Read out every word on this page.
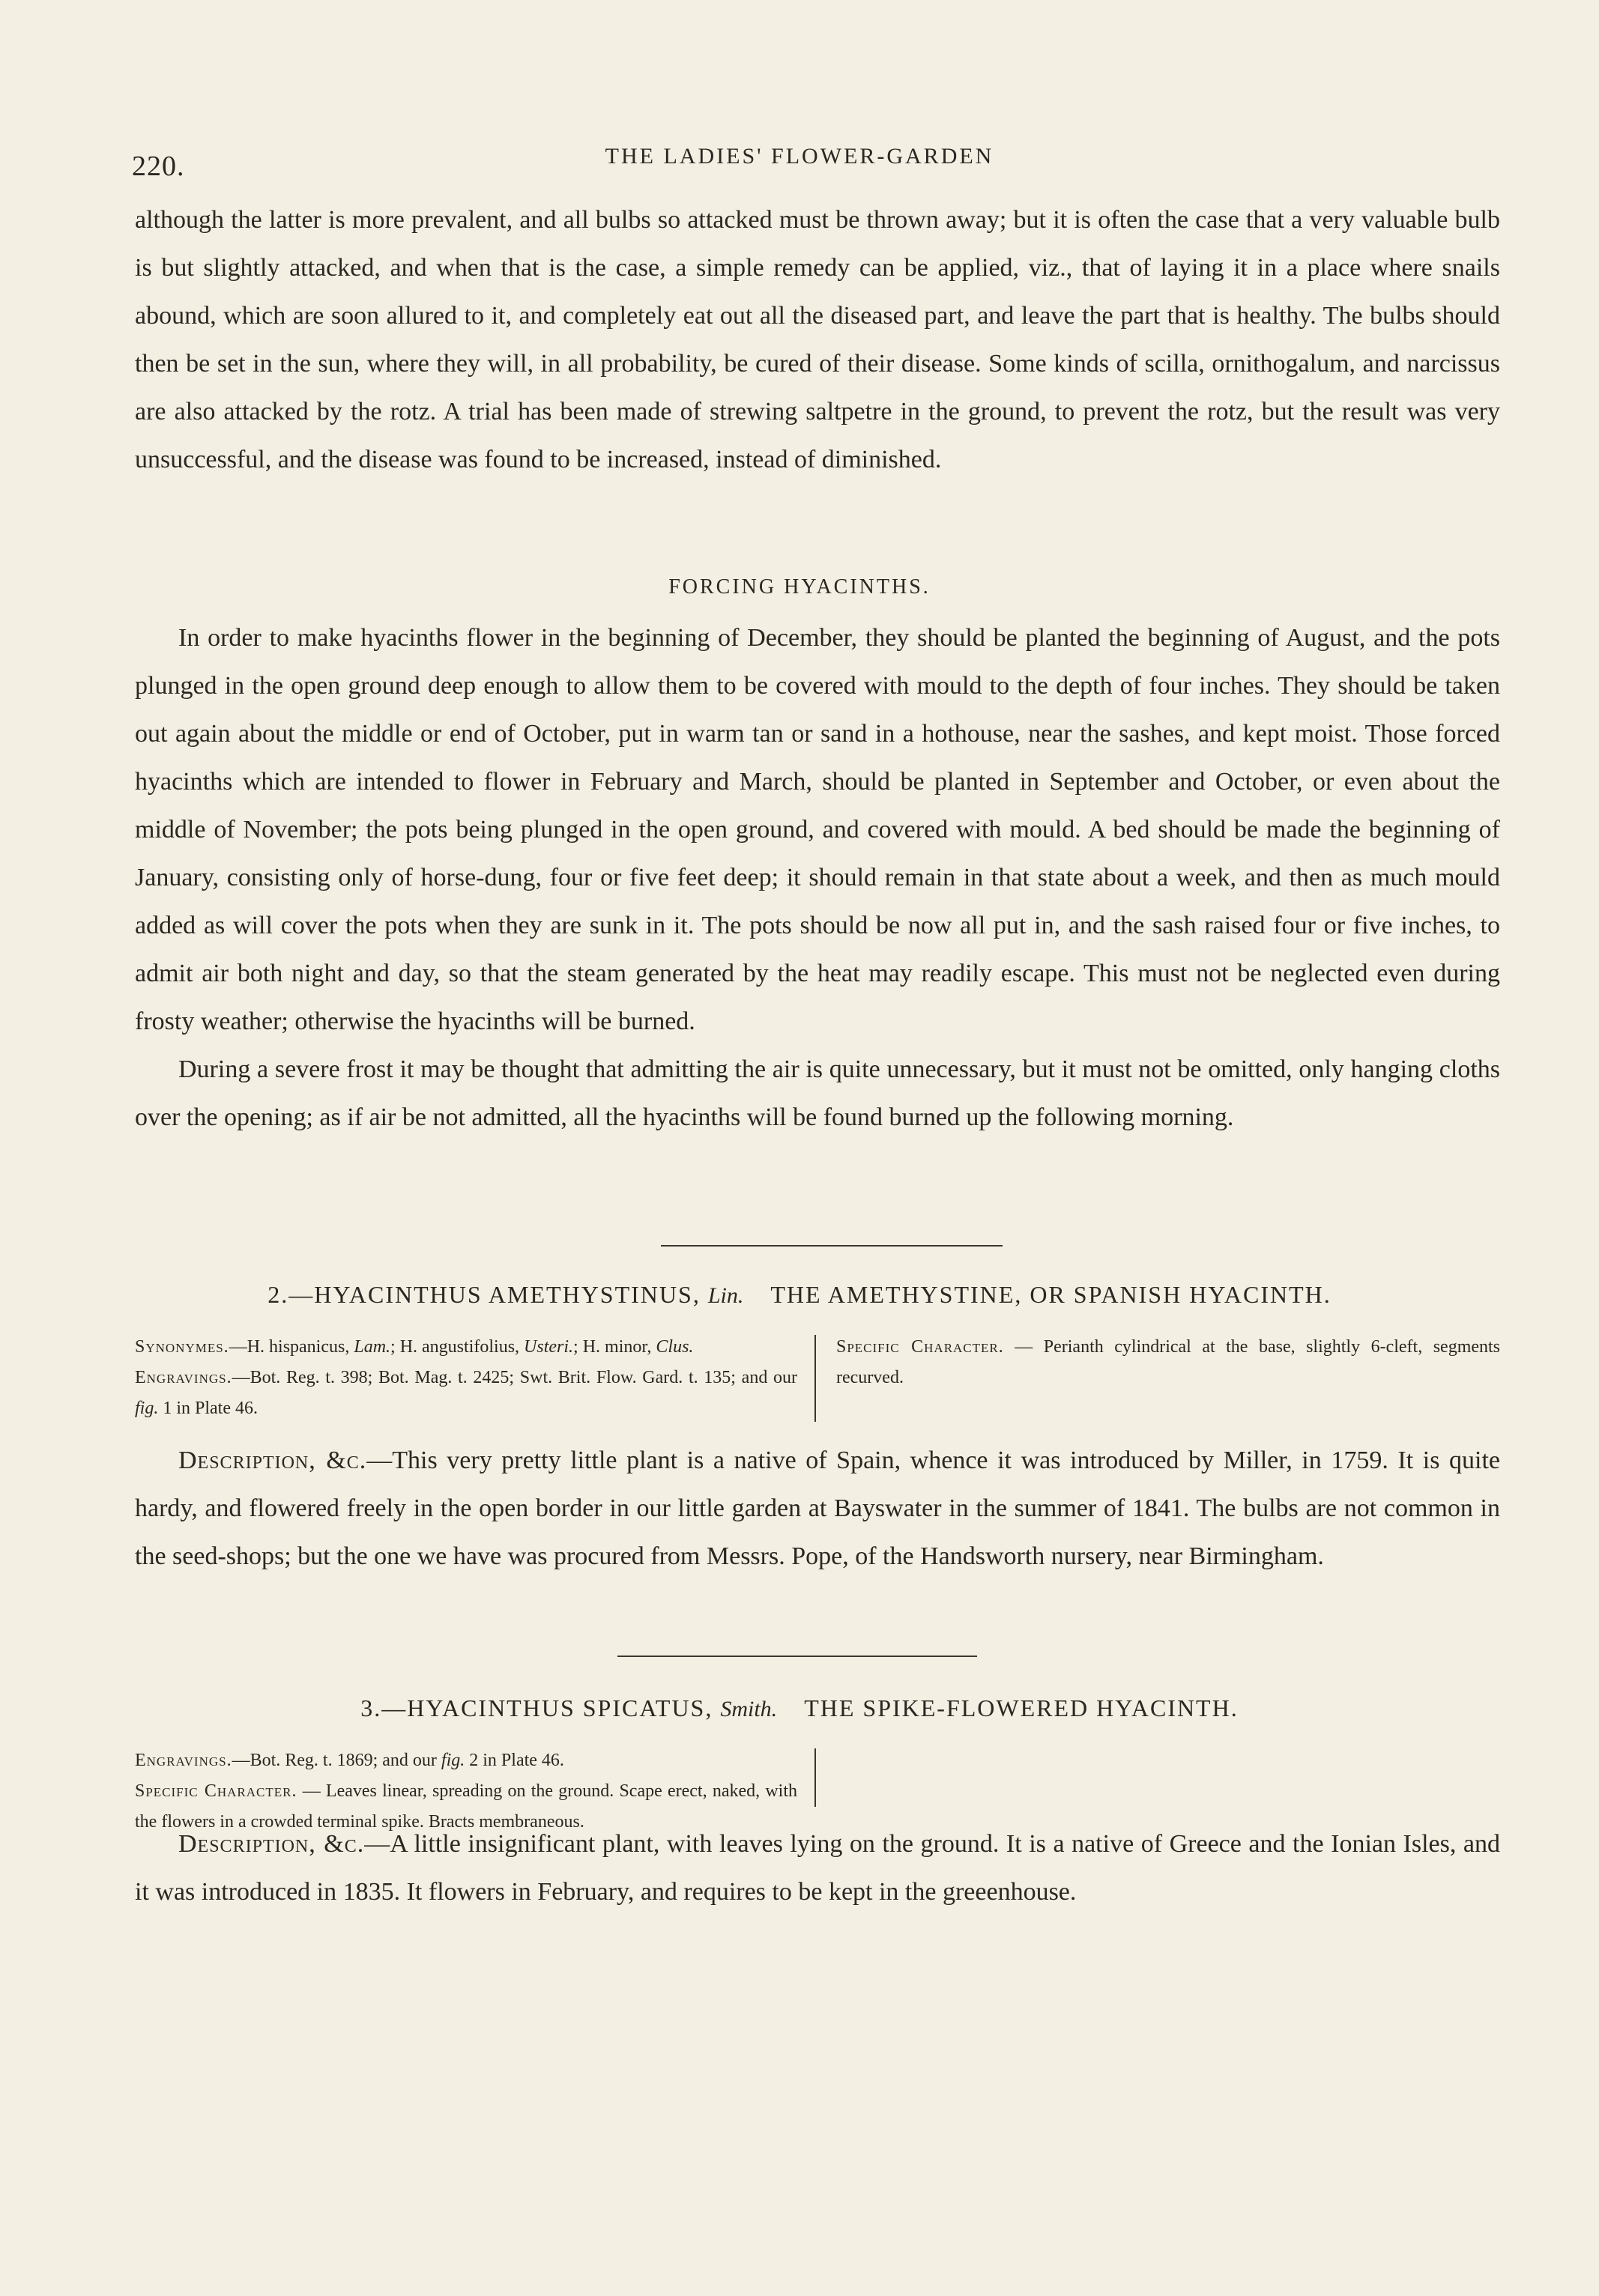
220.	THE LADIES' FLOWER-GARDEN

although the latter is more prevalent, and all bulbs so attacked must be thrown away; but it is often the case that a very valuable bulb is but slightly attacked, and when that is the case, a simple remedy can be applied, viz., that of laying it in a place where snails abound, which are soon allured to it, and completely eat out all the diseased part, and leave the part that is healthy. The bulbs should then be set in the sun, where they will, in all probability, be cured of their disease. Some kinds of scilla, ornithogalum, and narcissus are also attacked by the rotz. A trial has been made of strewing saltpetre in the ground, to prevent the rotz, but the result was very unsuccessful, and the disease was found to be increased, instead of diminished.

FORCING HYACINTHS.

In order to make hyacinths flower in the beginning of December, they should be planted the beginning of August, and the pots plunged in the open ground deep enough to allow them to be covered with mould to the depth of four inches. They should be taken out again about the middle or end of October, put in warm tan or sand in a hothouse, near the sashes, and kept moist. Those forced hyacinths which are intended to flower in February and March, should be planted in September and October, or even about the middle of November; the pots being plunged in the open ground, and covered with mould. A bed should be made the beginning of January, consisting only of horse-dung, four or five feet deep; it should remain in that state about a week, and then as much mould added as will cover the pots when they are sunk in it. The pots should be now all put in, and the sash raised four or five inches, to admit air both night and day, so that the steam generated by the heat may readily escape. This must not be neglected even during frosty weather; otherwise the hyacinths will be burned.

During a severe frost it may be thought that admitting the air is quite unnecessary, but it must not be omitted, only hanging cloths over the opening; as if air be not admitted, all the hyacinths will be found burned up the following morning.

2.—HYACINTHUS AMETHYSTINUS, Lin. THE AMETHYSTINE, OR SPANISH HYACINTH.

Synonymes.—H. hispanicus, Lam.; H. angustifolius, Usteri.; H. minor, Clus.

Engravings.—Bot. Reg. t. 398; Bot. Mag. t. 2425; Swt. Brit. Flow. Gard. t. 135; and our fig. 1 in Plate 46.

Specific Character. — Perianth cylindrical at the base, slightly 6-cleft, segments recurved.

Description, &c.—This very pretty little plant is a native of Spain, whence it was introduced by Miller, in 1759. It is quite hardy, and flowered freely in the open border in our little garden at Bayswater in the summer of 1841. The bulbs are not common in the seed-shops; but the one we have was procured from Messrs. Pope, of the Handsworth nursery, near Birmingham.

3.—HYACINTHUS SPICATUS, Smith. THE SPIKE-FLOWERED HYACINTH.

Engravings.—Bot. Reg. t. 1869; and our fig. 2 in Plate 46.

Specific Character. — Leaves linear, spreading on the ground. Scape erect, naked, with the flowers in a crowded terminal spike. Bracts membraneous.

Description, &c.—A little insignificant plant, with leaves lying on the ground. It is a native of Greece and the Ionian Isles, and it was introduced in 1835. It flowers in February, and requires to be kept in the greeenhouse.
